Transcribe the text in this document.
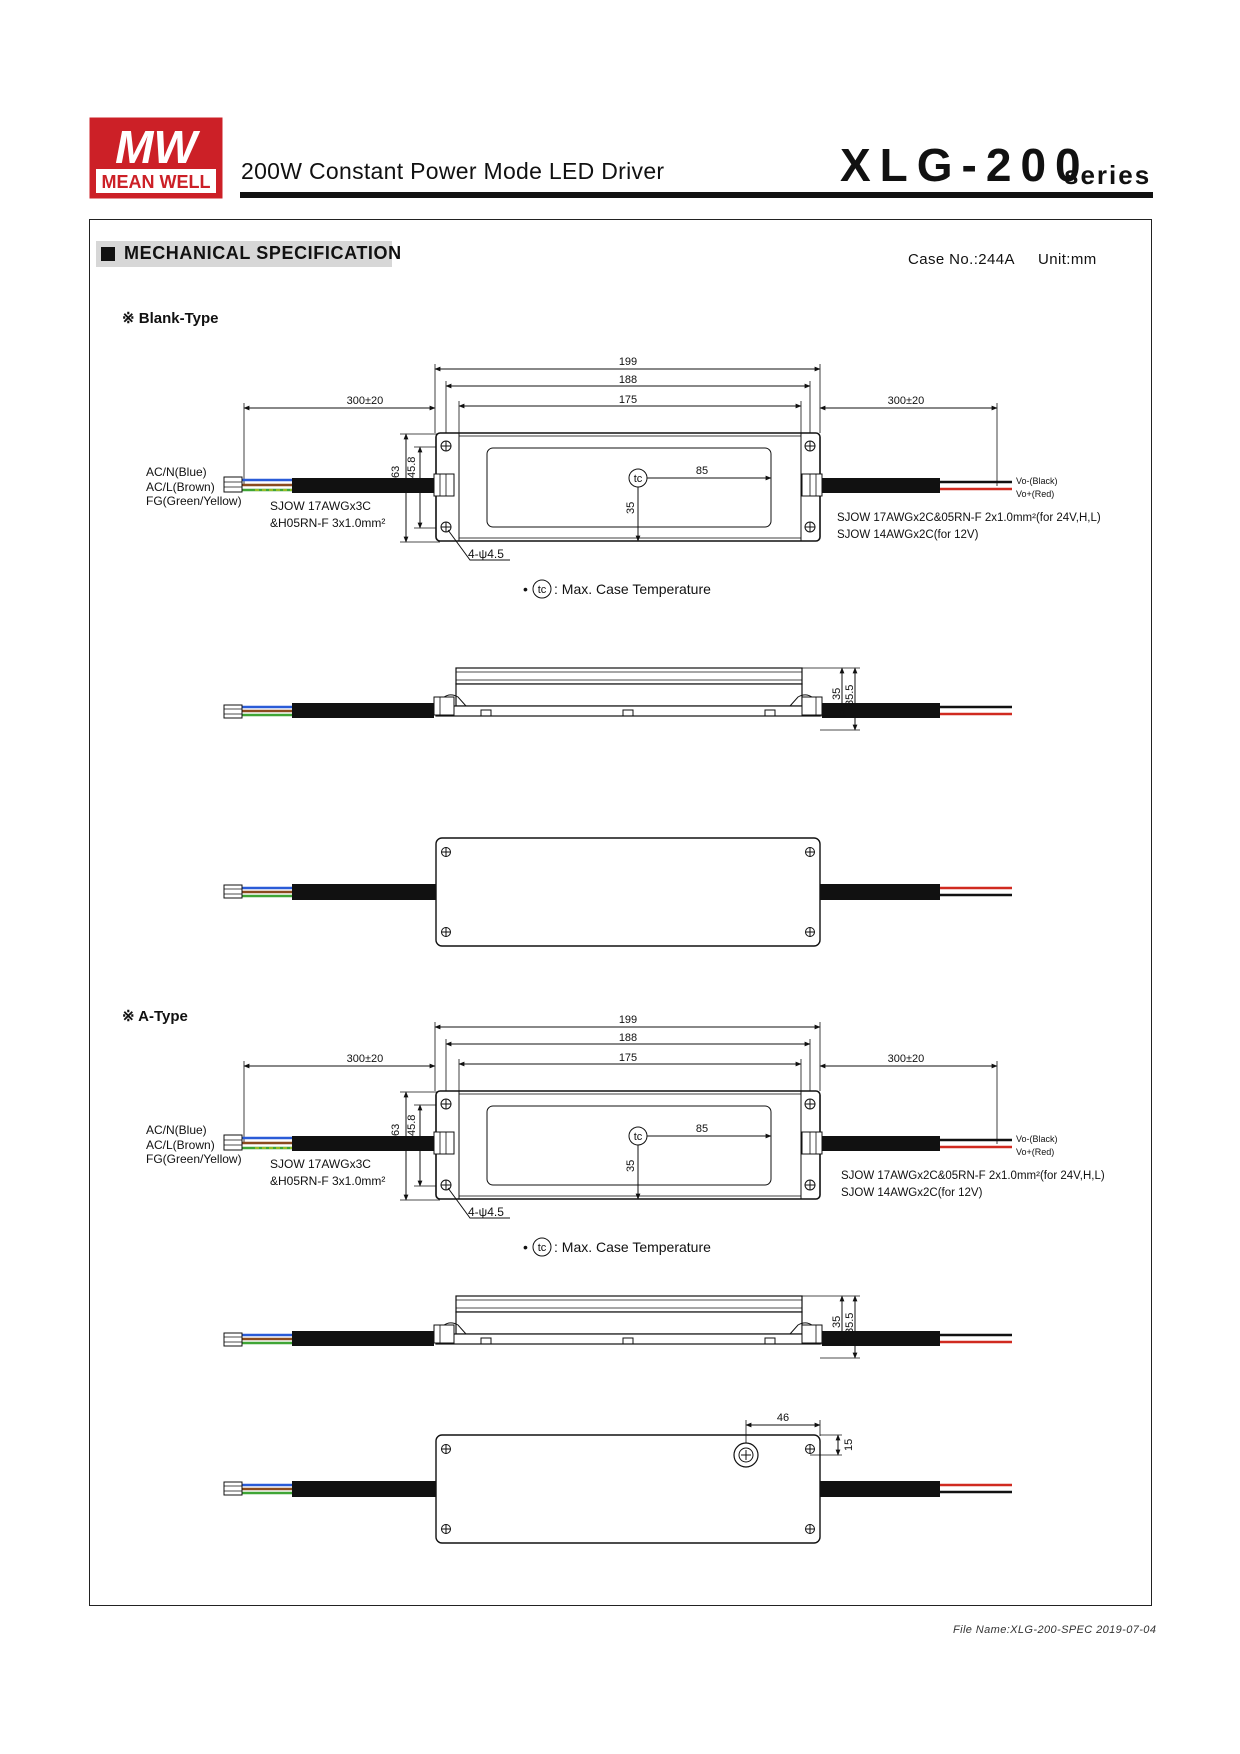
MW
MEAN WELL 200W Constant Power Mode LED Driver	XLG-200
series
MECHANICAL SPECIFICATION	Case No.:244A Unit:mm
※ Blank-Type
※ A-Type
199
188
175
300±20	300±20
63 45.8
35
85
tc
4-ψ4.5
AC/N(Blue)
AC/L(Brown)
FG(Green/Yellow) SJOW 17AWGx3C
&H05RN-F 3x1.0mm²
Vo-(Black)
Vo+(Red)
SJOW 17AWGx2C&05RN-F 2x1.0mm²(for 24V,H,L)
SJOW 14AWGx2C(for 12V)
• tc : Max. Case Temperature
35 35.5
199
188
175
300±20	300±20
63 45.8
35
85
tc
4-ψ4.5
AC/N(Blue)
AC/L(Brown)
FG(Green/Yellow) SJOW 17AWGx3C
&H05RN-F 3x1.0mm²
Vo-(Black)
Vo+(Red)
SJOW 17AWGx2C&05RN-F 2x1.0mm²(for 24V,H,L)
SJOW 14AWGx2C(for 12V)
• tc : Max. Case Temperature
35 35.5
46
15
File Name:XLG-200-SPEC 2019-07-04
